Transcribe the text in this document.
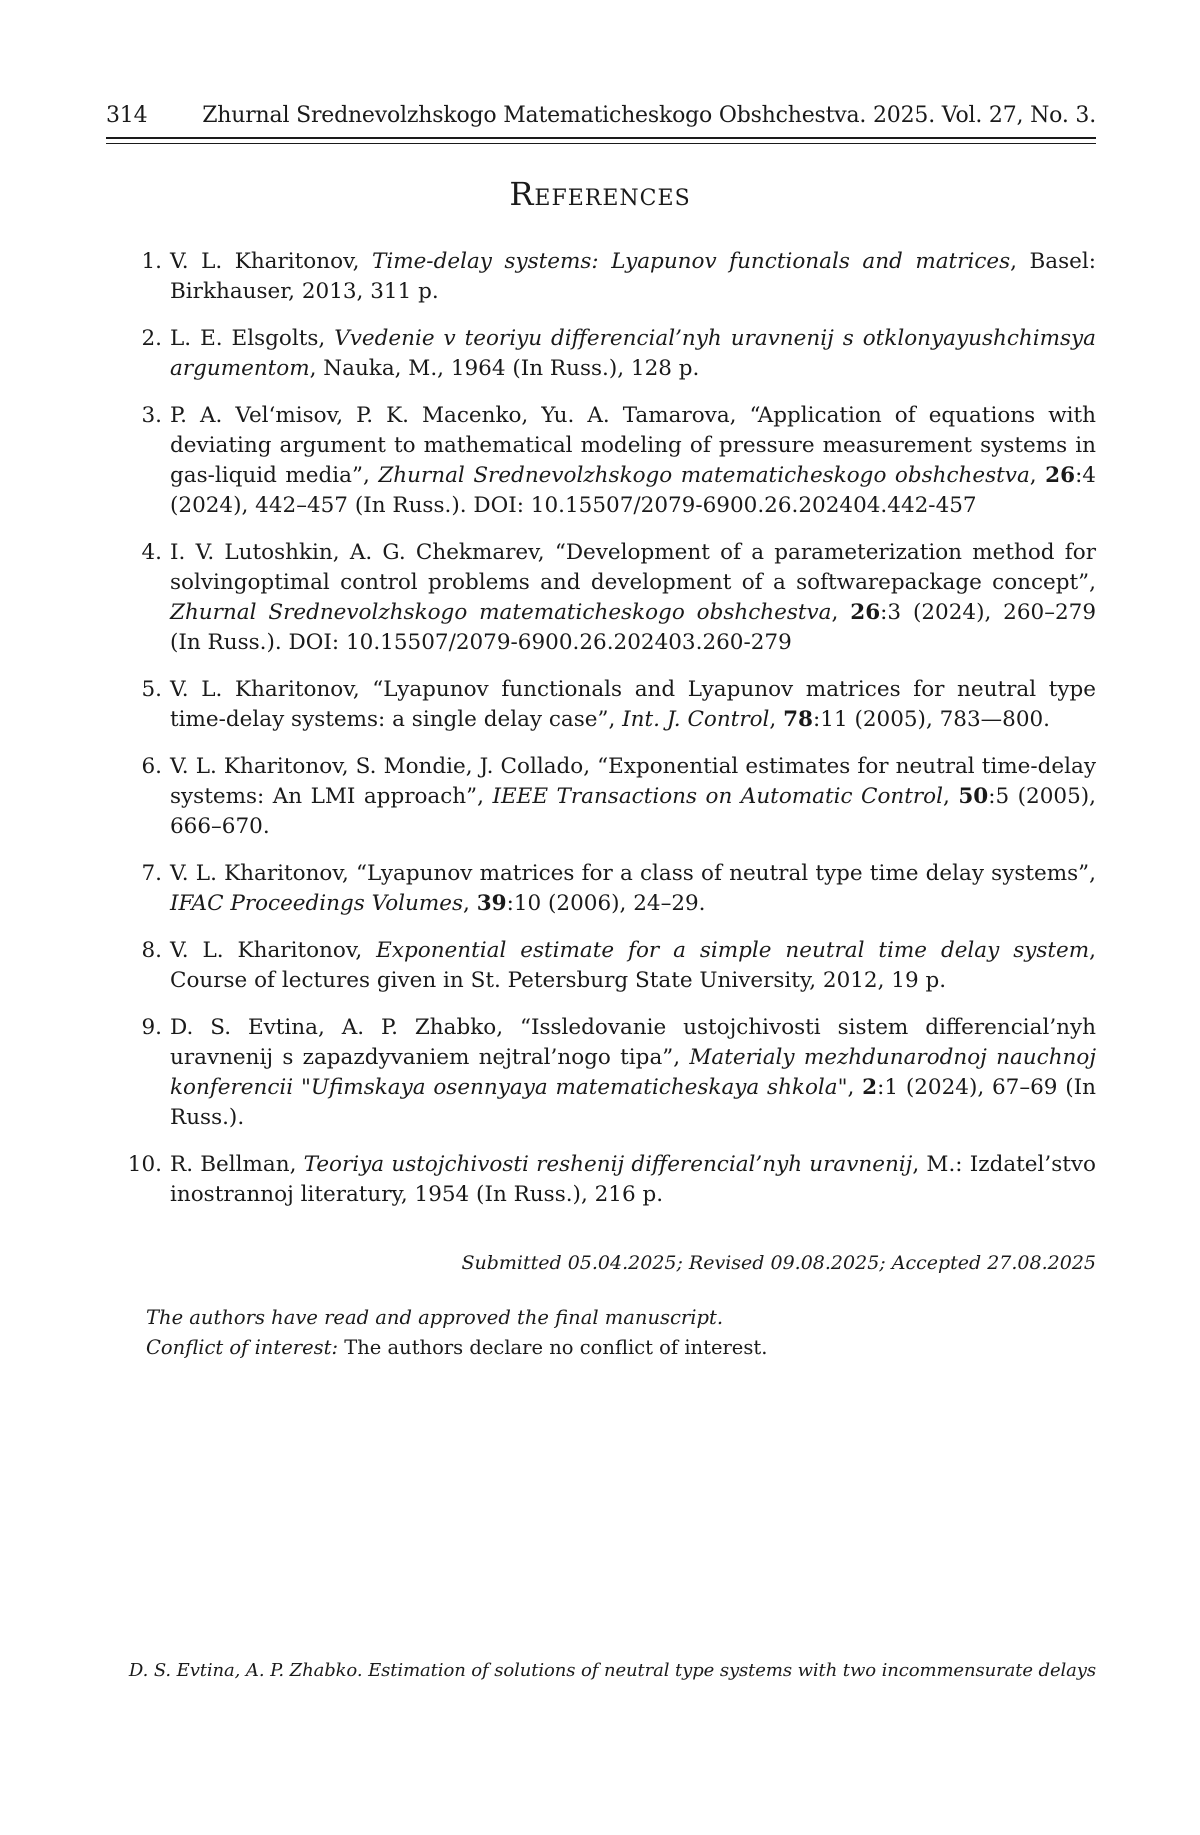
314 Zhurnal Srednevolzhskogo Matematicheskogo Obshchestva. 2025. Vol. 27, No. 3.
References
1. V. L. Kharitonov, Time-delay systems: Lyapunov functionals and matrices, Basel: Birkhauser, 2013, 311 p.
2. L. E. Elsgolts, Vvedenie v teoriyu differencial’nyh uravnenij s otklonyayushchimsya argumentom, Nauka, M., 1964 (In Russ.), 128 p.
3. P. A. Vel‘misov, P. K. Macenko, Yu. A. Tamarova, “Application of equations with deviating argument to mathematical modeling of pressure measurement systems in gas-liquid media”, Zhurnal Srednevolzhskogo matematicheskogo obshchestva, 26:4 (2024), 442–457 (In Russ.). DOI: 10.15507/2079-6900.26.202404.442-457
4. I. V. Lutoshkin, A. G. Chekmarev, “Development of a parameterization method for solvingoptimal control problems and development of a softwarepackage concept”, Zhurnal Srednevolzhskogo matematicheskogo obshchestva, 26:3 (2024), 260–279 (In Russ.). DOI: 10.15507/2079-6900.26.202403.260-279
5. V. L. Kharitonov, “Lyapunov functionals and Lyapunov matrices for neutral type time-delay systems: a single delay case”, Int. J. Control, 78:11 (2005), 783—800.
6. V. L. Kharitonov, S. Mondie, J. Collado, “Exponential estimates for neutral time-delay systems: An LMI approach”, IEEE Transactions on Automatic Control, 50:5 (2005), 666–670.
7. V. L. Kharitonov, “Lyapunov matrices for a class of neutral type time delay systems”, IFAC Proceedings Volumes, 39:10 (2006), 24–29.
8. V. L. Kharitonov, Exponential estimate for a simple neutral time delay system, Course of lectures given in St. Petersburg State University, 2012, 19 p.
9. D. S. Evtina, A. P. Zhabko, “Issledovanie ustojchivosti sistem differencial’nyh uravnenij s zapazdyvaniem nejtral’nogo tipa”, Materialy mezhdunarodnoj nauchnoj konferencii "Ufimskaya osennyaya matematicheskaya shkola", 2:1 (2024), 67–69 (In Russ.).
10. R. Bellman, Teoriya ustojchivosti reshenij differencial’nyh uravnenij, M.: Izdatel’stvo inostrannoj literatury, 1954 (In Russ.), 216 p.
Submitted 05.04.2025; Revised 09.08.2025; Accepted 27.08.2025
The authors have read and approved the final manuscript.
Conflict of interest: The authors declare no conflict of interest.
D. S. Evtina, A. P. Zhabko. Estimation of solutions of neutral type systems with two incommensurate delays
